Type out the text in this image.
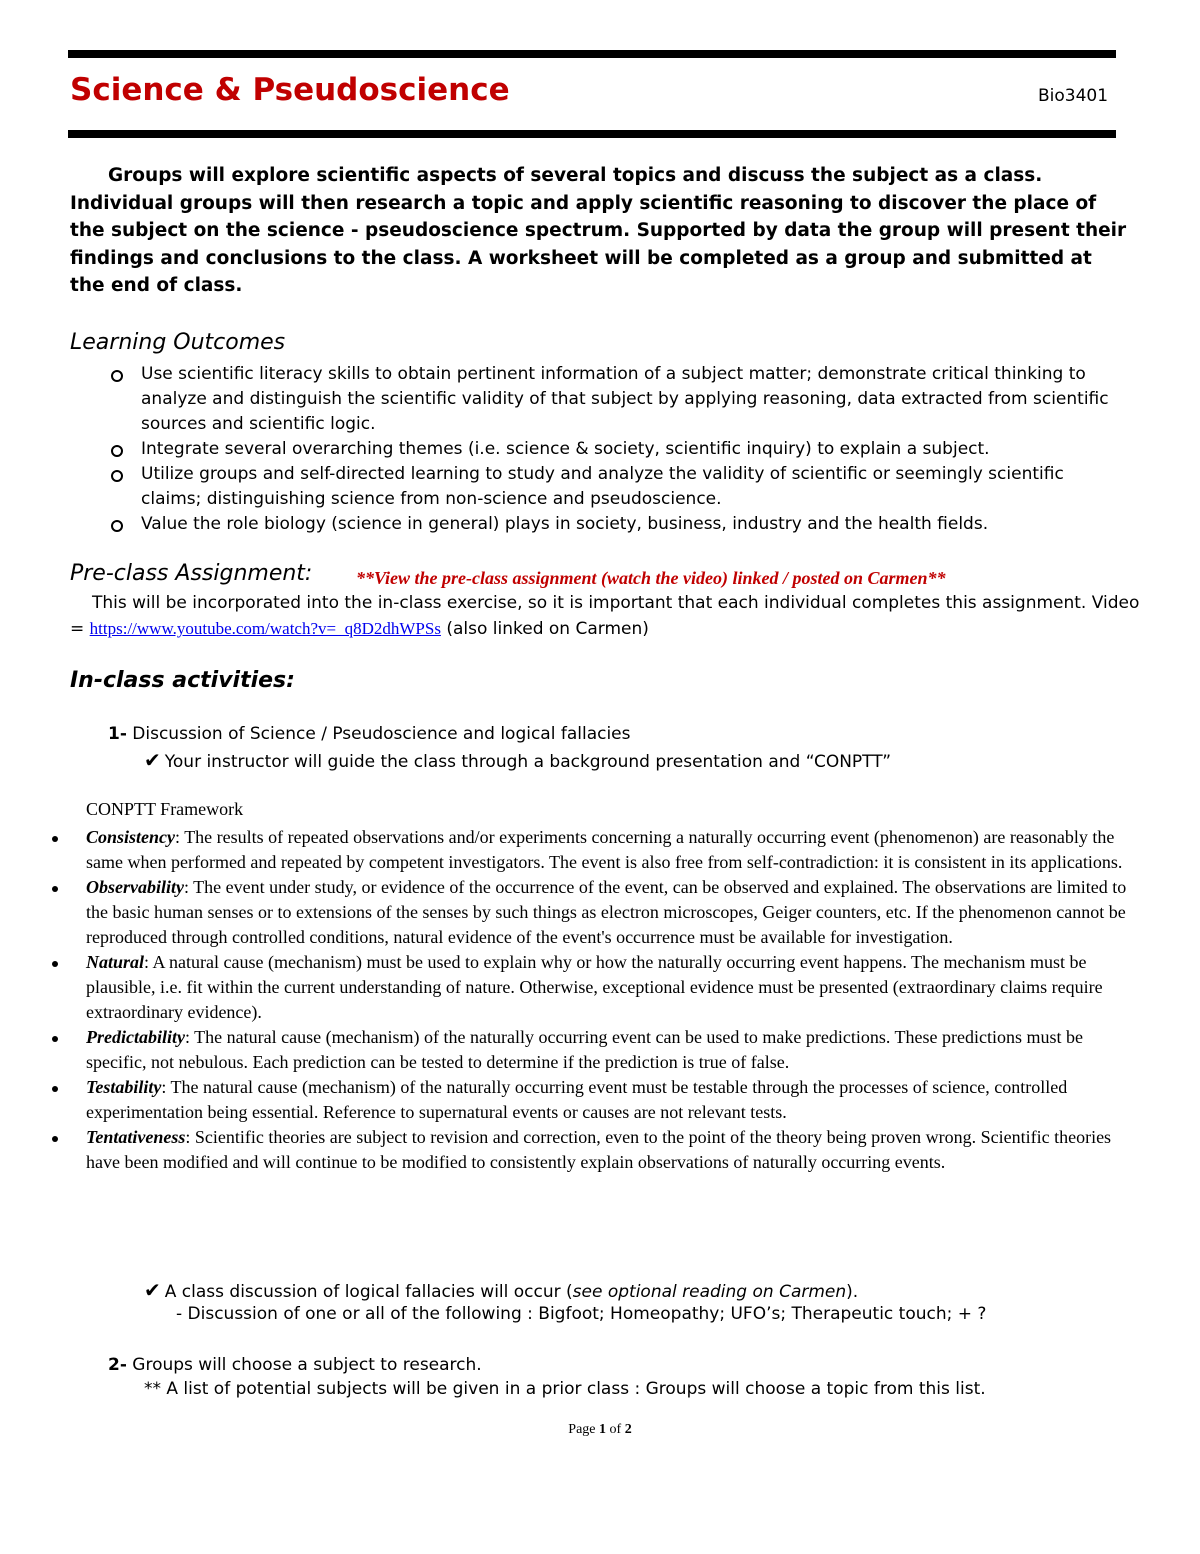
Science & Pseudoscience	Bio3401
Groups will explore scientific aspects of several topics and discuss the subject as a class. Individual groups will then research a topic and apply scientific reasoning to discover the place of the subject on the science - pseudoscience spectrum. Supported by data the group will present their findings and conclusions to the class. A worksheet will be completed as a group and submitted at the end of class.
Learning Outcomes
Use scientific literacy skills to obtain pertinent information of a subject matter; demonstrate critical thinking to analyze and distinguish the scientific validity of that subject by applying reasoning, data extracted from scientific sources and scientific logic.
Integrate several overarching themes (i.e. science & society, scientific inquiry) to explain a subject.
Utilize groups and self-directed learning to study and analyze the validity of scientific or seemingly scientific claims; distinguishing science from non-science and pseudoscience.
Value the role biology (science in general) plays in society, business, industry and the health fields.
Pre-class Assignment: **View the pre-class assignment (watch the video) linked / posted on Carmen**
This will be incorporated into the in-class exercise, so it is important that each individual completes this assignment. Video = https://www.youtube.com/watch?v=_q8D2dhWPSs (also linked on Carmen)
In-class activities:
1- Discussion of Science / Pseudoscience and logical fallacies
✔ Your instructor will guide the class through a background presentation and “CONPTT”
CONPTT Framework
Consistency: The results of repeated observations and/or experiments concerning a naturally occurring event (phenomenon) are reasonably the same when performed and repeated by competent investigators. The event is also free from self-contradiction: it is consistent in its applications.
Observability: The event under study, or evidence of the occurrence of the event, can be observed and explained. The observations are limited to the basic human senses or to extensions of the senses by such things as electron microscopes, Geiger counters, etc. If the phenomenon cannot be reproduced through controlled conditions, natural evidence of the event's occurrence must be available for investigation.
Natural: A natural cause (mechanism) must be used to explain why or how the naturally occurring event happens. The mechanism must be plausible, i.e. fit within the current understanding of nature. Otherwise, exceptional evidence must be presented (extraordinary claims require extraordinary evidence).
Predictability: The natural cause (mechanism) of the naturally occurring event can be used to make predictions. These predictions must be specific, not nebulous. Each prediction can be tested to determine if the prediction is true of false.
Testability: The natural cause (mechanism) of the naturally occurring event must be testable through the processes of science, controlled experimentation being essential. Reference to supernatural events or causes are not relevant tests.
Tentativeness: Scientific theories are subject to revision and correction, even to the point of the theory being proven wrong. Scientific theories have been modified and will continue to be modified to consistently explain observations of naturally occurring events.
✔ A class discussion of logical fallacies will occur (see optional reading on Carmen).
- Discussion of one or all of the following : Bigfoot; Homeopathy; UFO’s; Therapeutic touch; + ?
2- Groups will choose a subject to research.
** A list of potential subjects will be given in a prior class : Groups will choose a topic from this list.
Page 1 of 2
